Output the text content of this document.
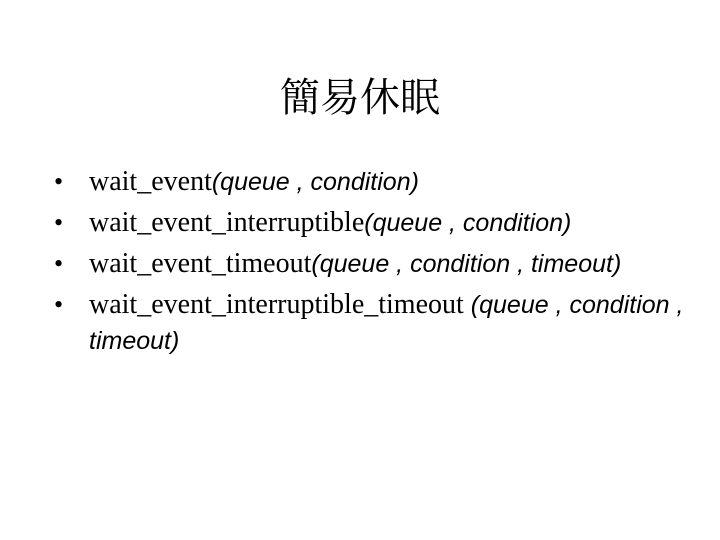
簡易休眠
• wait_event(queue , condition)
• wait_event_interruptible(queue , condition)
• wait_event_timeout(queue , condition , timeout)
• wait_event_interruptible_timeout (queue , condition , timeout)
